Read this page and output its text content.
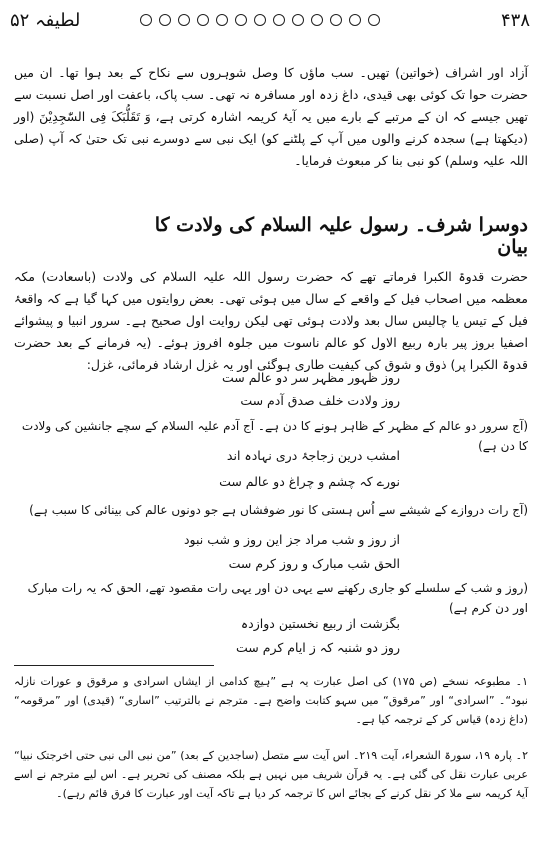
لطیفہ ۵۲	۴۳۸
آزاد اور اشراف (خواتین) تھیں۔ سب ماؤں کا وصل شوہروں سے نکاح کے بعد ہوا تھا۔ ان میں حضرت حوا تک کوئی بھی قیدی، داغ زدہ اور مسافرہ نہ تھی۔ سب پاک، باعفت اور اصل نسبت سے تھیں جیسے کہ ان کے مرتبے کے بارے میں یہ آیۂ کریمہ اشارہ کرتی ہے، وَ تَقَلُّبَکَ فِی السّٰجِدِیْنَ (اور (دیکھتا ہے) سجدہ کرنے والوں میں آپ کے پلٹنے کو) ایک نبی سے دوسرے نبی تک حتیٰ کہ آپ (صلی اللہ علیہ وسلم) کو نبی بنا کر مبعوث فرمایا۔
دوسرا شرف۔ رسول علیہ السلام کی ولادت کا بیان
حضرت قدوۃ الکبرا فرماتے تھے کہ حضرت رسول اللہ علیہ السلام کی ولادت (باسعادت) مکہ معظمہ میں اصحاب فیل کے واقعے کے سال میں ہوئی تھی۔ بعض روایتوں میں کہا گیا ہے کہ واقعۂ فیل کے تیس یا چالیس سال بعد ولادت ہوئی تھی لیکن روایت اول صحیح ہے۔ سرور انبیا و پیشوائے اصفیا بروز پیر بارہ ربیع الاول کو عالم ناسوت میں جلوہ افروز ہوئے۔ (یہ فرمانے کے بعد حضرت قدوۃ الکبرا پر) ذوق و شوق کی کیفیت طاری ہوگئی اور یہ غزل ارشاد فرمائی، غزل:
روز ظہور مظہر سر دو عالم ست
روز ولادت خلف صدق آدم ست
(آج سرور دو عالم کے مظہر کے ظاہر ہونے کا دن ہے۔ آج آدم علیہ السلام کے سچے جانشین کی ولادت کا دن ہے)
امشب درین زجاجۂ دری نہادہ اند
نورے کہ چشم و چراغ دو عالم ست
(آج رات دروازے کے شیشے سے اُس ہستی کا نور ضوفشاں ہے جو دونوں عالم کی بینائی کا سبب ہے)
از روز و شب مراد جز این روز و شب نبود
الحق شب مبارک و روز کرم ست
(روز و شب کے سلسلے کو جاری رکھنے سے یہی دن اور یہی رات مقصود تھے، الحق کہ یہ رات مبارک اور دن کرم ہے)
بگزشت از ربیع نخستین دوازدہ
روز دو شنبہ کہ ز ایام کرم ست
۱۔ مطبوعہ نسخے (ص ۱۷۵) کی اصل عبارت یہ ہے ”ہیچ کدامی از ایشاں اسرادی و مرقوق و عورات نازلہ نبود“۔ ”اسرادی“ اور ”مرقوق“ میں سہو کتابت واضح ہے۔ مترجم نے بالترتیب ”اساری“ (قیدی) اور ”مرقومہ“ (داغ زدہ) قیاس کر کے ترجمہ کیا ہے۔
۲۔ پارہ ۱۹، سورۃ الشعراء، آیت ۲۱۹۔ اس آیت سے متصل (ساجدین کے بعد) ”من نبی الی نبی حتی اخرجتک نبیا“ عربی عبارت نقل کی گئی ہے۔ یہ قرآن شریف میں نہیں ہے بلکہ مصنف کی تحریر ہے۔ اس لیے مترجم نے اسے آیۂ کریمہ سے ملا کر نقل کرنے کے بجائے اس کا ترجمہ کر دیا ہے تاکہ آیت اور عبارت کا فرق قائم رہے)۔
